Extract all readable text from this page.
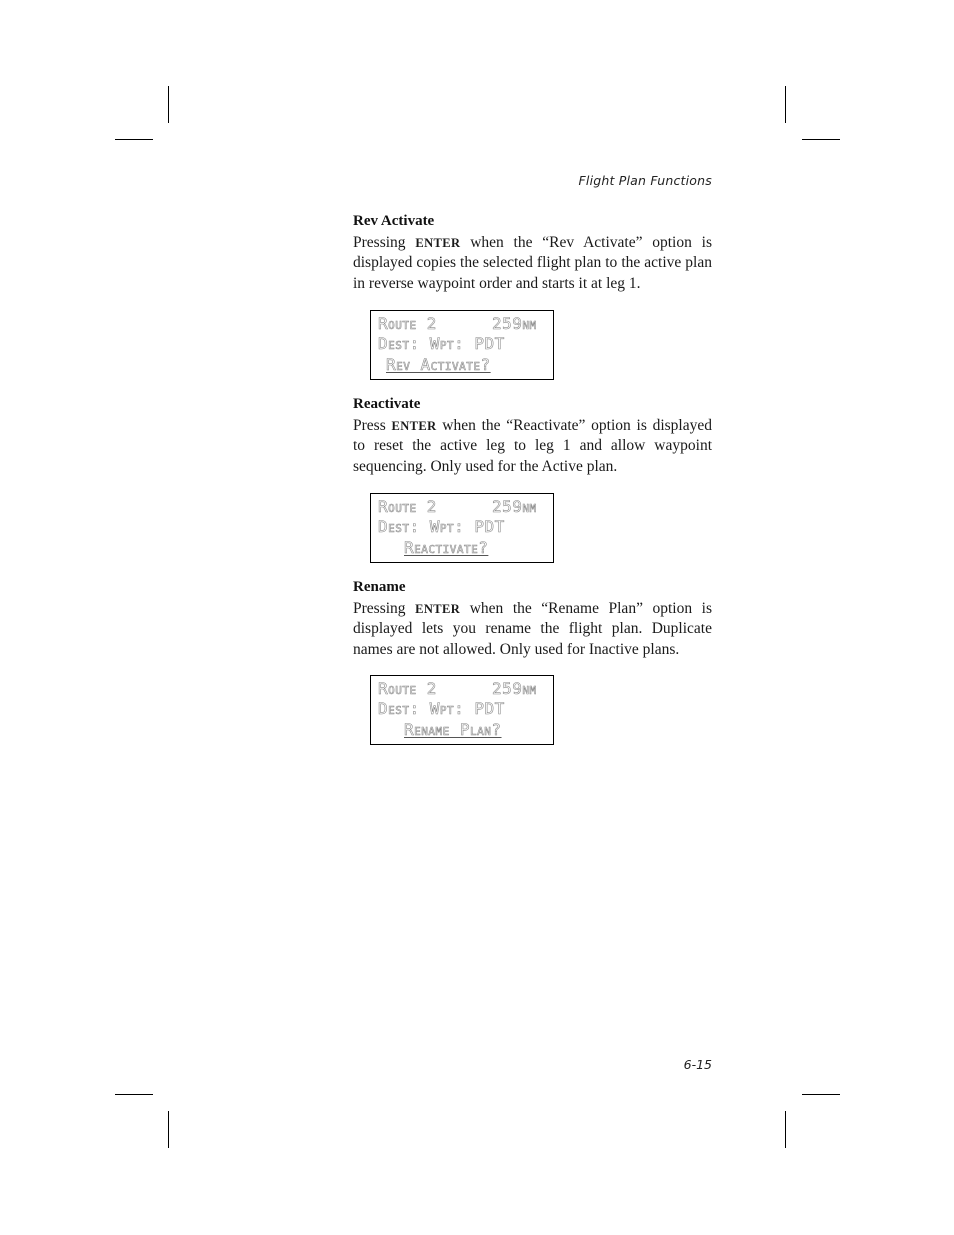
Flight Plan Functions
Rev Activate
Pressing ENTER when the “Rev Activate” option is displayed copies the selected flight plan to the active plan in reverse waypoint order and starts it at leg 1.
Route 2	259nm
Dest: Wpt: PDT
Rev Activate?
Reactivate
Press ENTER when the “Reactivate” option is displayed to reset the active leg to leg 1 and allow waypoint sequencing. Only used for the Active plan.
Route 2	259nm
Dest: Wpt: PDT
Reactivate?
Rename
Pressing ENTER when the “Rename Plan” option is displayed lets you rename the flight plan. Duplicate names are not allowed. Only used for Inactive plans.
Route 2	259nm
Dest: Wpt: PDT
Rename Plan?
6-15
